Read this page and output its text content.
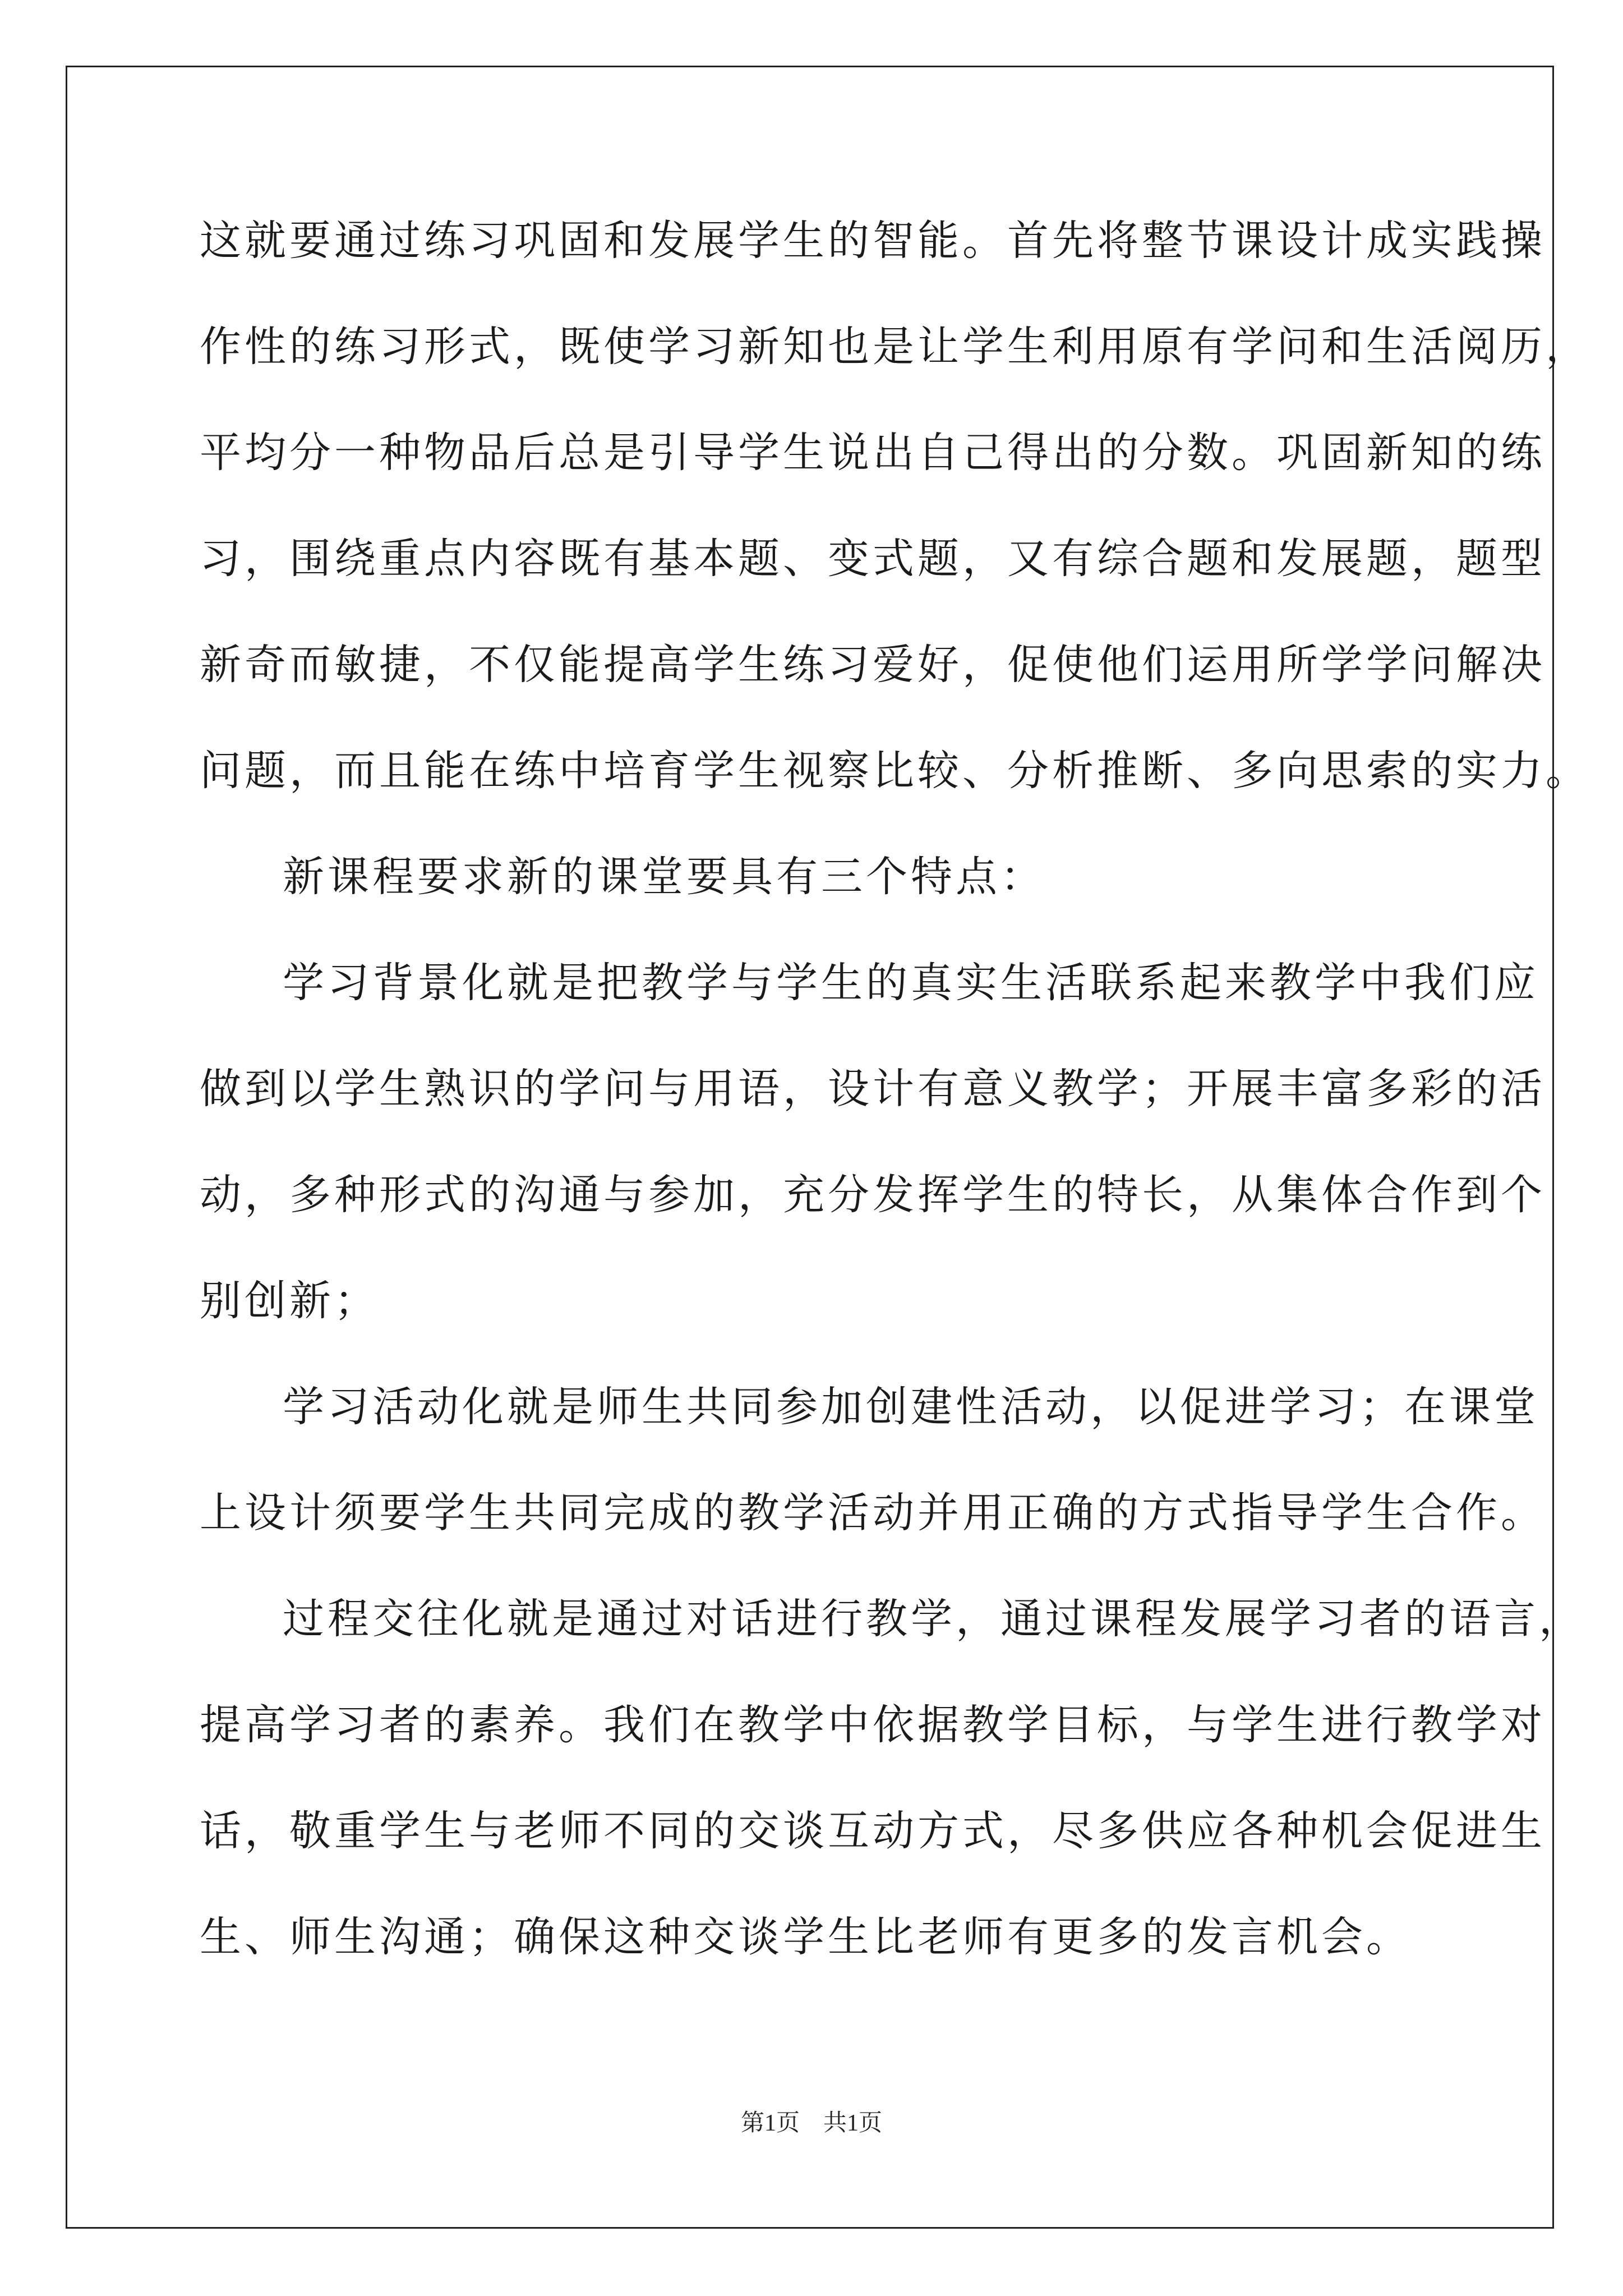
这就要通过练习巩固和发展学生的智能。首先将整节课设计成实践操
作性的练习形式，既使学习新知也是让学生利用原有学问和生活阅历，
平均分一种物品后总是引导学生说出自己得出的分数。巩固新知的练
习，围绕重点内容既有基本题、变式题，又有综合题和发展题，题型
新奇而敏捷，不仅能提高学生练习爱好，促使他们运用所学学问解决
问题，而且能在练中培育学生视察比较、分析推断、多向思索的实力。
新课程要求新的课堂要具有三个特点：
学习背景化就是把教学与学生的真实生活联系起来教学中我们应
做到以学生熟识的学问与用语，设计有意义教学；开展丰富多彩的活
动，多种形式的沟通与参加，充分发挥学生的特长，从集体合作到个
别创新；
学习活动化就是师生共同参加创建性活动，以促进学习；在课堂
上设计须要学生共同完成的教学活动并用正确的方式指导学生合作。
过程交往化就是通过对话进行教学，通过课程发展学习者的语言，
提高学习者的素养。我们在教学中依据教学目标，与学生进行教学对
话，敬重学生与老师不同的交谈互动方式，尽多供应各种机会促进生
生、师生沟通；确保这种交谈学生比老师有更多的发言机会。
第1页　共1页
